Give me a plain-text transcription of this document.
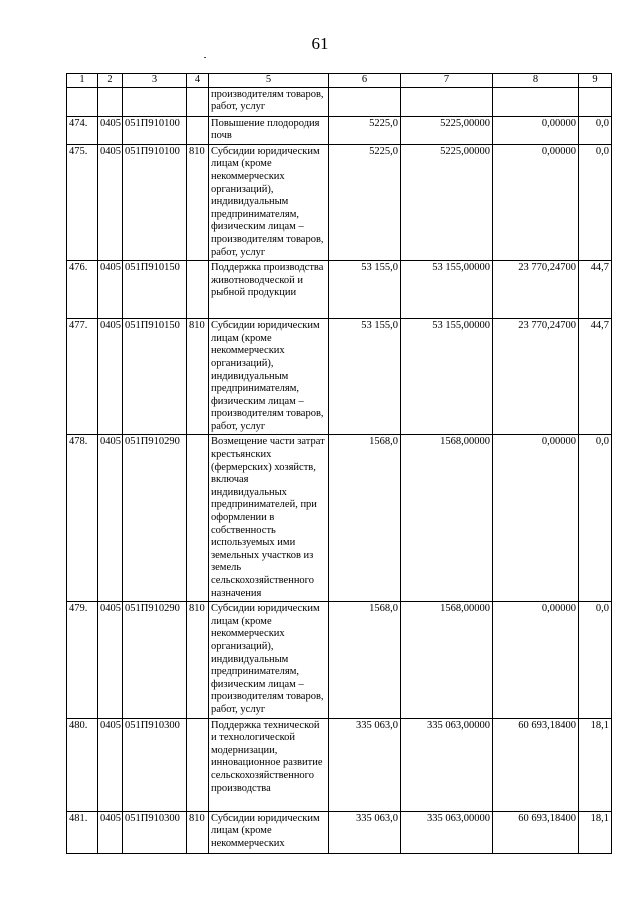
61
1	2	3	4	5	6	7	8	9
				производителям товаров, работ, услуг				
474.	0405	051П910100		Повышение плодородия почв	5225,0	5225,00000	0,00000	0,0
475.	0405	051П910100	810	Субсидии юридическим лицам (кроме некоммерческих организаций), индивидуальным предпринимателям, физическим лицам – производителям товаров, работ, услуг	5225,0	5225,00000	0,00000	0,0
476.	0405	051П910150		Поддержка производства животноводческой и рыбной продукции	53 155,0	53 155,00000	23 770,24700	44,7
477.	0405	051П910150	810	Субсидии юридическим лицам (кроме некоммерческих организаций), индивидуальным предпринимателям, физическим лицам – производителям товаров, работ, услуг	53 155,0	53 155,00000	23 770,24700	44,7
478.	0405	051П910290		Возмещение части затрат крестьянских (фермерских) хозяйств, включая индивидуальных предпринимателей, при оформлении в собственность используемых ими земельных участков из земель сельскохозяйственного назначения	1568,0	1568,00000	0,00000	0,0
479.	0405	051П910290	810	Субсидии юридическим лицам (кроме некоммерческих организаций), индивидуальным предпринимателям, физическим лицам – производителям товаров, работ, услуг	1568,0	1568,00000	0,00000	0,0
480.	0405	051П910300		Поддержка технической и технологической модернизации, инновационное развитие сельскохозяйственного производства	335 063,0	335 063,00000	60 693,18400	18,1
481.	0405	051П910300	810	Субсидии юридическим лицам (кроме некоммерческих	335 063,0	335 063,00000	60 693,18400	18,1
